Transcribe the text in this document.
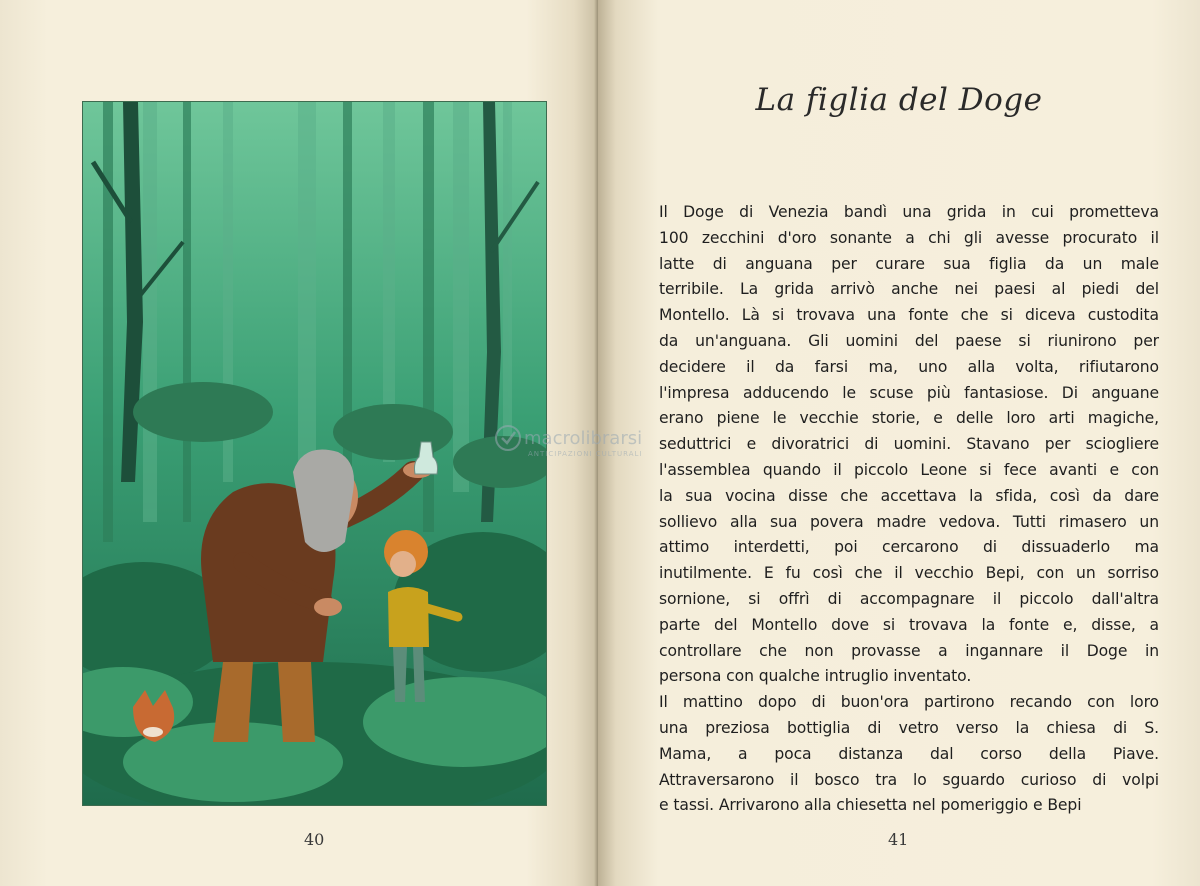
40
La figlia del Doge
Il Doge di Venezia bandì una grida in cui prometteva
100 zecchini d'oro sonante a chi gli avesse procurato il
latte di anguana per curare sua figlia da un male
terribile. La grida arrivò anche nei paesi al piedi del
Montello. Là si trovava una fonte che si diceva custodita
da un'anguana. Gli uomini del paese si riunirono per
decidere il da farsi ma, uno alla volta, rifiutarono
l'impresa adducendo le scuse più fantasiose. Di anguane
erano piene le vecchie storie, e delle loro arti magiche,
seduttrici e divoratrici di uomini. Stavano per sciogliere
l'assemblea quando il piccolo Leone si fece avanti e con
la sua vocina disse che accettava la sfida, così da dare
sollievo alla sua povera madre vedova. Tutti rimasero un
attimo interdetti, poi cercarono di dissuaderlo ma
inutilmente. E fu così che il vecchio Bepi, con un sorriso
sornione, si offrì di accompagnare il piccolo dall'altra
parte del Montello dove si trovava la fonte e, disse, a
controllare che non provasse a ingannare il Doge in
persona con qualche intruglio inventato.
Il mattino dopo di buon'ora partirono recando con loro
una preziosa bottiglia di vetro verso la chiesa di S.
Mama, a poca distanza dal corso della Piave.
Attraversarono il bosco tra lo sguardo curioso di volpi
e tassi. Arrivarono alla chiesetta nel pomeriggio e Bepi
41
macrolibrarsi
ANTICIPAZIONI CULTURALI
